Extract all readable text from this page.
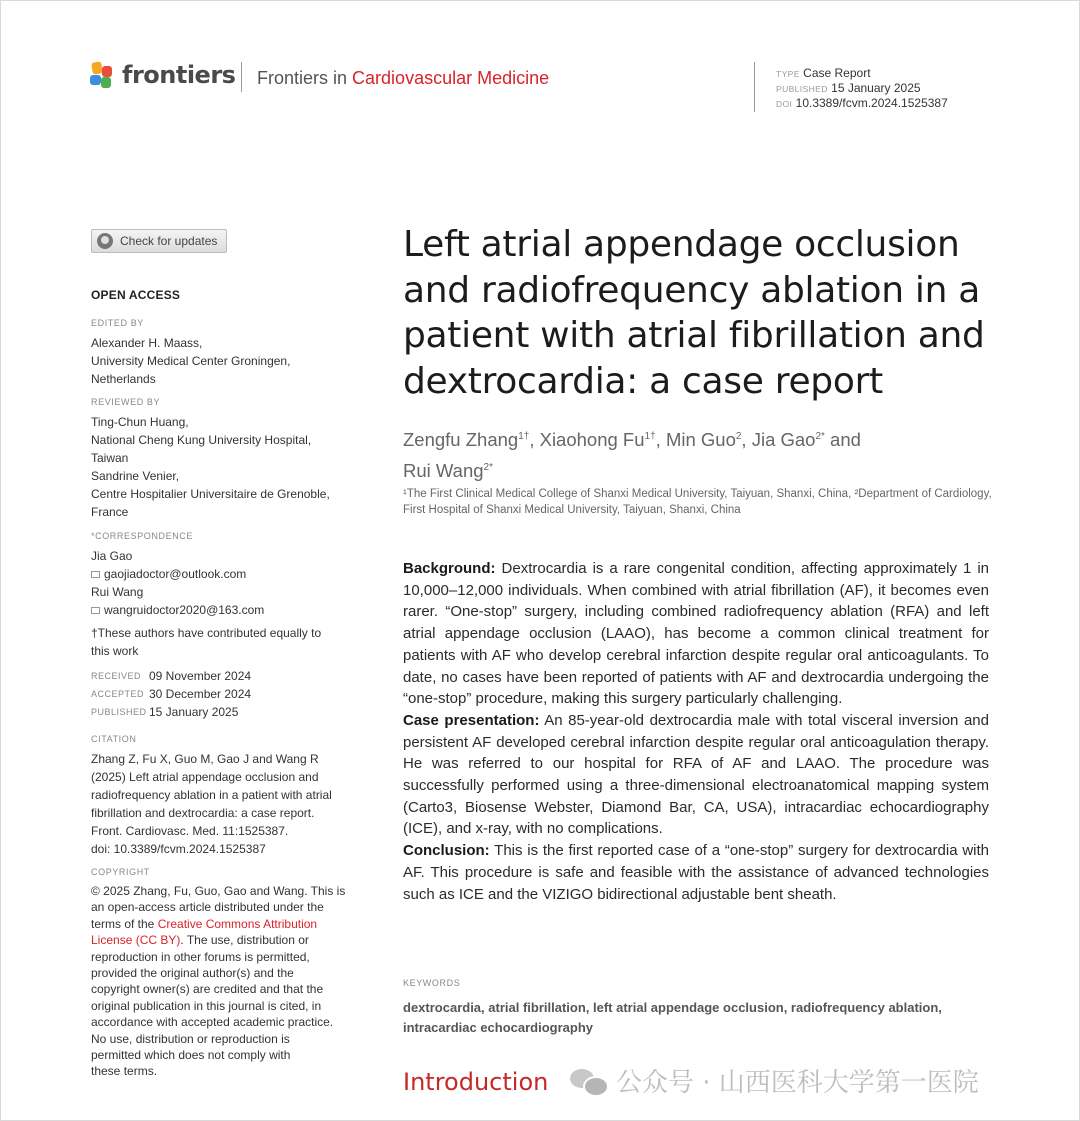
frontiers Frontiers in Cardiovascular Medicine	TYPE Case Report
PUBLISHED 15 January 2025
DOI 10.3389/fcvm.2024.1525387
Check for updates
OPEN ACCESS
EDITED BY
Alexander H. Maass,
University Medical Center Groningen,
Netherlands
REVIEWED BY
Ting-Chun Huang,
National Cheng Kung University Hospital,
Taiwan
Sandrine Venier,
Centre Hospitalier Universitaire de Grenoble,
France
*CORRESPONDENCE
Jia Gao
gaojiadoctor@outlook.com
Rui Wang
wangruidoctor2020@163.com
†These authors have contributed equally to
this work
RECEIVED 09 November 2024
ACCEPTED 30 December 2024
PUBLISHED 15 January 2025
CITATION
Zhang Z, Fu X, Guo M, Gao J and Wang R
(2025) Left atrial appendage occlusion and
radiofrequency ablation in a patient with atrial
fibrillation and dextrocardia: a case report.
Front. Cardiovasc. Med. 11:1525387.
doi: 10.3389/fcvm.2024.1525387
COPYRIGHT
© 2025 Zhang, Fu, Guo, Gao and Wang. This is
an open-access article distributed under the
terms of the Creative Commons Attribution
License (CC BY). The use, distribution or
reproduction in other forums is permitted,
provided the original author(s) and the
copyright owner(s) are credited and that the
original publication in this journal is cited, in
accordance with accepted academic practice.
No use, distribution or reproduction is
permitted which does not comply with
these terms.
Left atrial appendage occlusion
and radiofrequency ablation in a
patient with atrial fibrillation and
dextrocardia: a case report
Zengfu Zhang$^{1\dagger}$, Xiaohong $Fu^{1\dagger}$, Min Guo$^2$, Jia Gao$^{2*}$ and
Rui Wang$^{2*}$
¹The First Clinical Medical College of Shanxi Medical University, Taiyuan, Shanxi, China, ²Department of Cardiology, First Hospital of Shanxi Medical University, Taiyuan, Shanxi, China

Background: Dextrocardia is a rare congenital condition, affecting approximately 1 in 10,000–12,000 individuals. When combined with atrial fibrillation (AF), it becomes even rarer. “One-stop” surgery, including combined radiofrequency ablation (RFA) and left atrial appendage occlusion (LAAO), has become a common clinical treatment for patients with AF who develop cerebral infarction despite regular oral anticoagulants. To date, no cases have been reported of patients with AF and dextrocardia undergoing the “one-stop” procedure, making this surgery particularly challenging.

Case presentation: An 85-year-old dextrocardia male with total visceral inversion and persistent AF developed cerebral infarction despite regular oral anticoagulation therapy. He was referred to our hospital for RFA of AF and LAAO. The procedure was successfully performed using a three-dimensional electroanatomical mapping system (Carto3, Biosense Webster, Diamond Bar, CA, USA), intracardiac echocardiography (ICE), and x-ray, with no complications.

Conclusion: This is the first reported case of a “one-stop” surgery for dextrocardia with AF. This procedure is safe and feasible with the assistance of advanced technologies such as ICE and the VIZIGO bidirectional adjustable bent sheath.

KEYWORDS
dextrocardia, atrial fibrillation, left atrial appendage occlusion, radiofrequency ablation, intracardiac echocardiography
Introduction	公众号 · 山西医科大学第一医院
